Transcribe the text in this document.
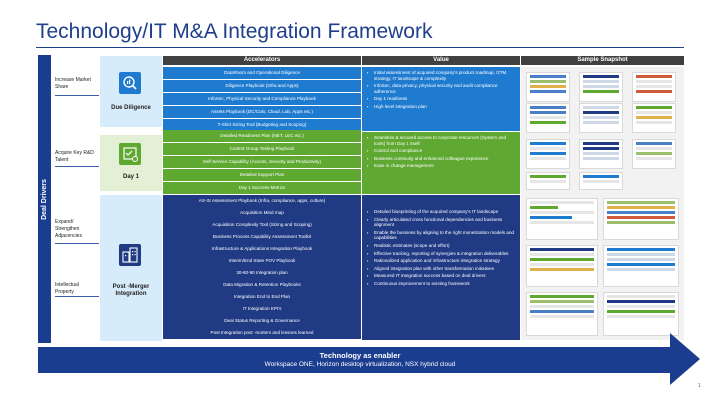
Technology/IT M&A Integration Framework
Deal Drivers
Increase Market Share
Acquire Key R&D Talent
Expand/ Strengthen Adjacencies
Intellectual Property
Due Diligence
Day 1
Post -Merger Integration
Accelerators	Value	Sample Snapshot
DataRoom and Operational Diligence
Diligence Playbook (Infra and Apps)
InfoSec, Physical Security and Compliance Playbook
Assets Playbook (DC/Colo, Cloud, Lab, Apps etc.)
T-Shirt Sizing Tool (Budgeting and Scoping)
Detailed Readiness Plan (NET, LEC etc.)
Control Group Testing Playbook
Self Service Capability (Access, Security and Productivity)
Detailed Support Plan
Day 1 Success Metrics
AS-IS Assessment Playbook (Infra, compliance, apps, culture)
Acquisition Mind map
Acquisition Complexity Tool (Sizing and Scoping)
Business Process Capability Assessment Toolkit
Infrastructure & Applications Integration Playbook
Interim/End State POV Playbook
30-60-90 Integration plan
Data Migration & Retention Playbooks
Integration End to End Plan
IT Integration KPI's
Deal Status Reporting & Governance
Post Integration post -mortem and lessons learned
▪ Initial assessment of acquired company's product roadmap, GTM strategy, IT landscape & complexity
▪ InfoSec, data privacy, physical security and audit compliance adherence
▪ Day 1 readiness
▪ High level integration plan
▪ Seamless & secured access to corporate resources (System and tools) from Day 1 itself
▪ Control and compliance
▪ Business continuity and enhanced colleague experience
▪ Ease in change management
▪ Detailed blueprinting of the acquired company's IT landscape
▪ Clearly articulated cross functional dependencies and business alignment
▪ Enable the business by aligning to the right monetization models and capabilities
▪ Realistic estimates (scope and effort)
▪ Effective tracking, reporting of synergies & integration deliverables
▪ Rationalized application and infrastructure integration strategy
▪ Aligned integration plan with other transformation initiatives
▪ Measured IT integration success based on deal drivers
▪ Continuous improvement to existing framework
Technology as enabler
Workspace ONE, Horizon desktop virtualization, NSX hybrid cloud
1
